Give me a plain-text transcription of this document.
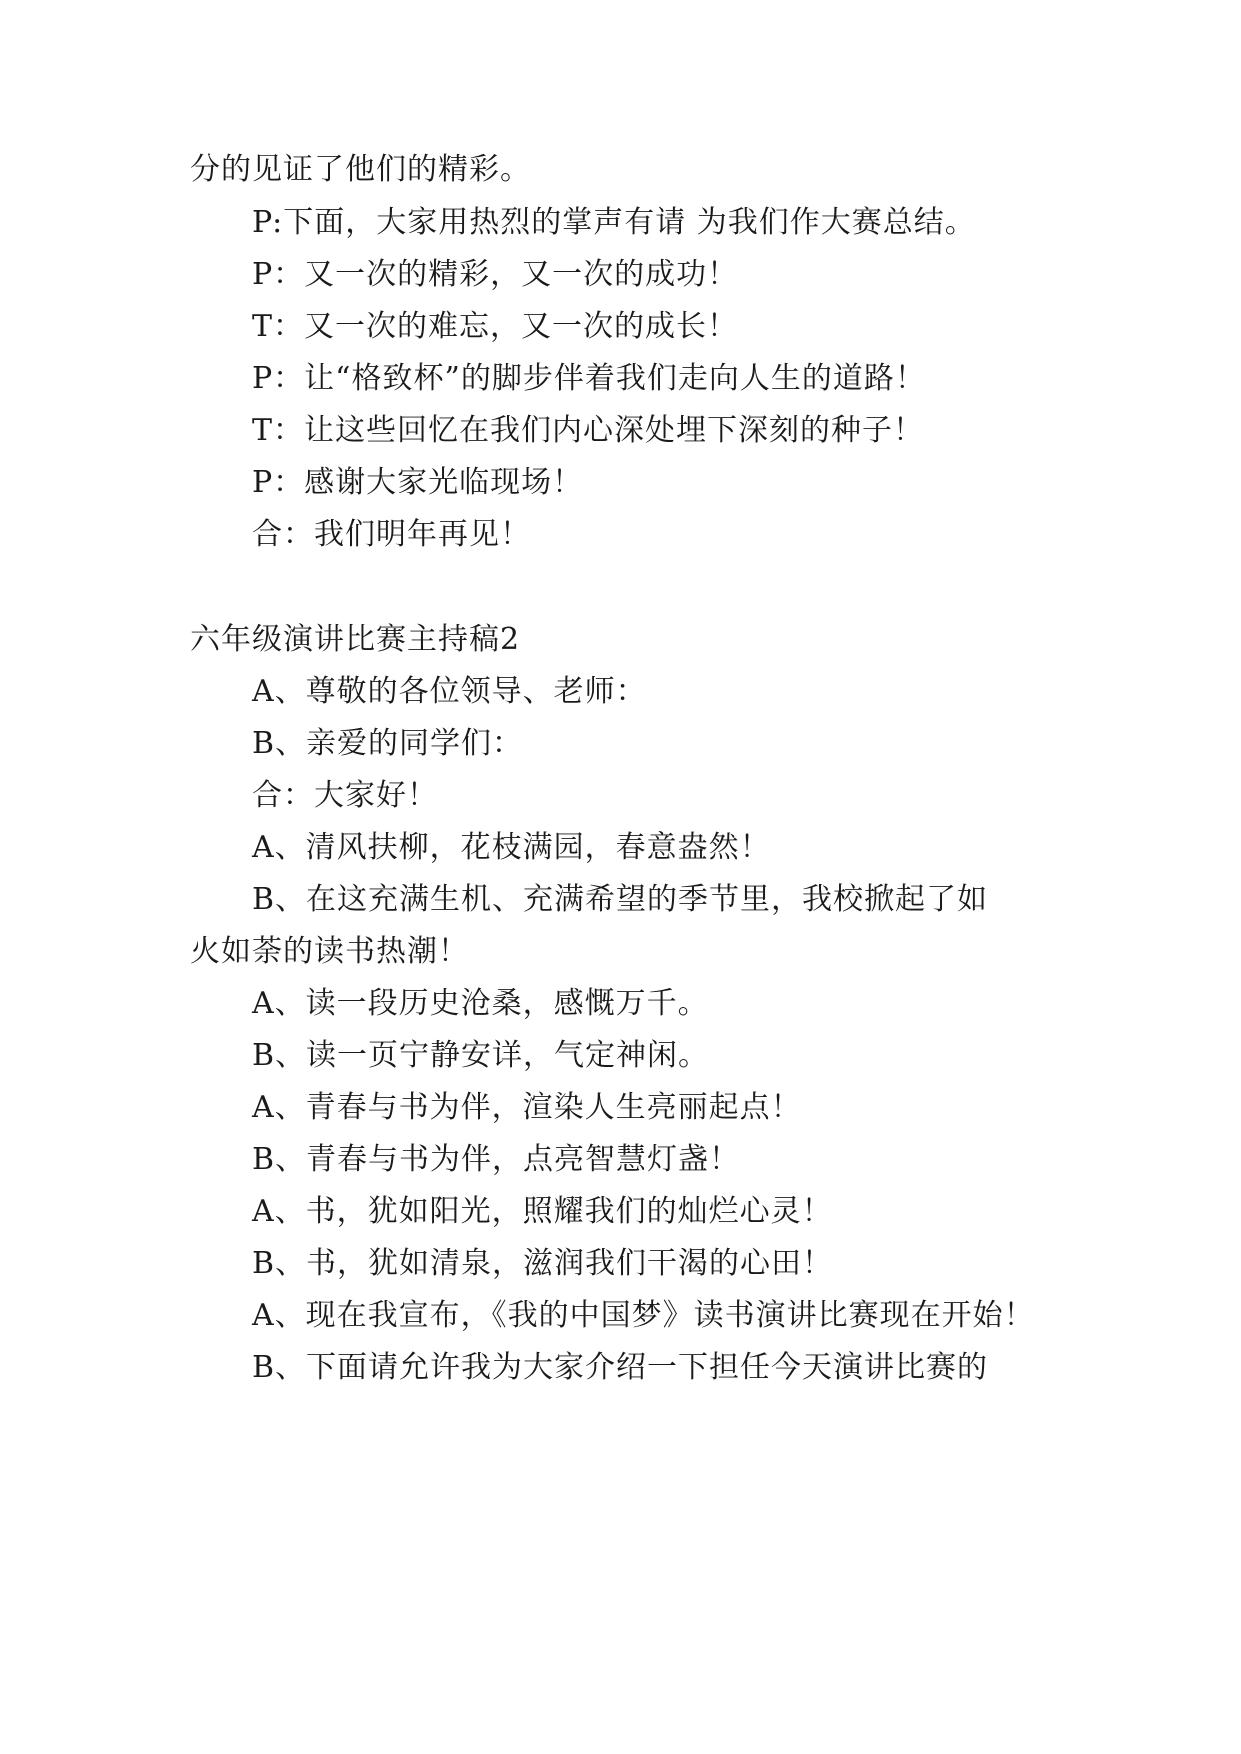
分的见证了他们的精彩。
P:下面，大家用热烈的掌声有请 为我们作大赛总结。
P：又一次的精彩，又一次的成功！
T：又一次的难忘，又一次的成长！
P：让“格致杯”的脚步伴着我们走向人生的道路！
T：让这些回忆在我们内心深处埋下深刻的种子！
P：感谢大家光临现场！
合：我们明年再见！
六年级演讲比赛主持稿2
A、尊敬的各位领导、老师：
B、亲爱的同学们：
合：大家好！
A、清风扶柳，花枝满园，春意盎然！
B、在这充满生机、充满希望的季节里，我校掀起了如
火如荼的读书热潮！
A、读一段历史沧桑，感慨万千。
B、读一页宁静安详，气定神闲。
A、青春与书为伴，渲染人生亮丽起点！
B、青春与书为伴，点亮智慧灯盏！
A、书，犹如阳光，照耀我们的灿烂心灵！
B、书，犹如清泉，滋润我们干渴的心田！
A、现在我宣布，《我的中国梦》读书演讲比赛现在开始！
B、下面请允许我为大家介绍一下担任今天演讲比赛的
